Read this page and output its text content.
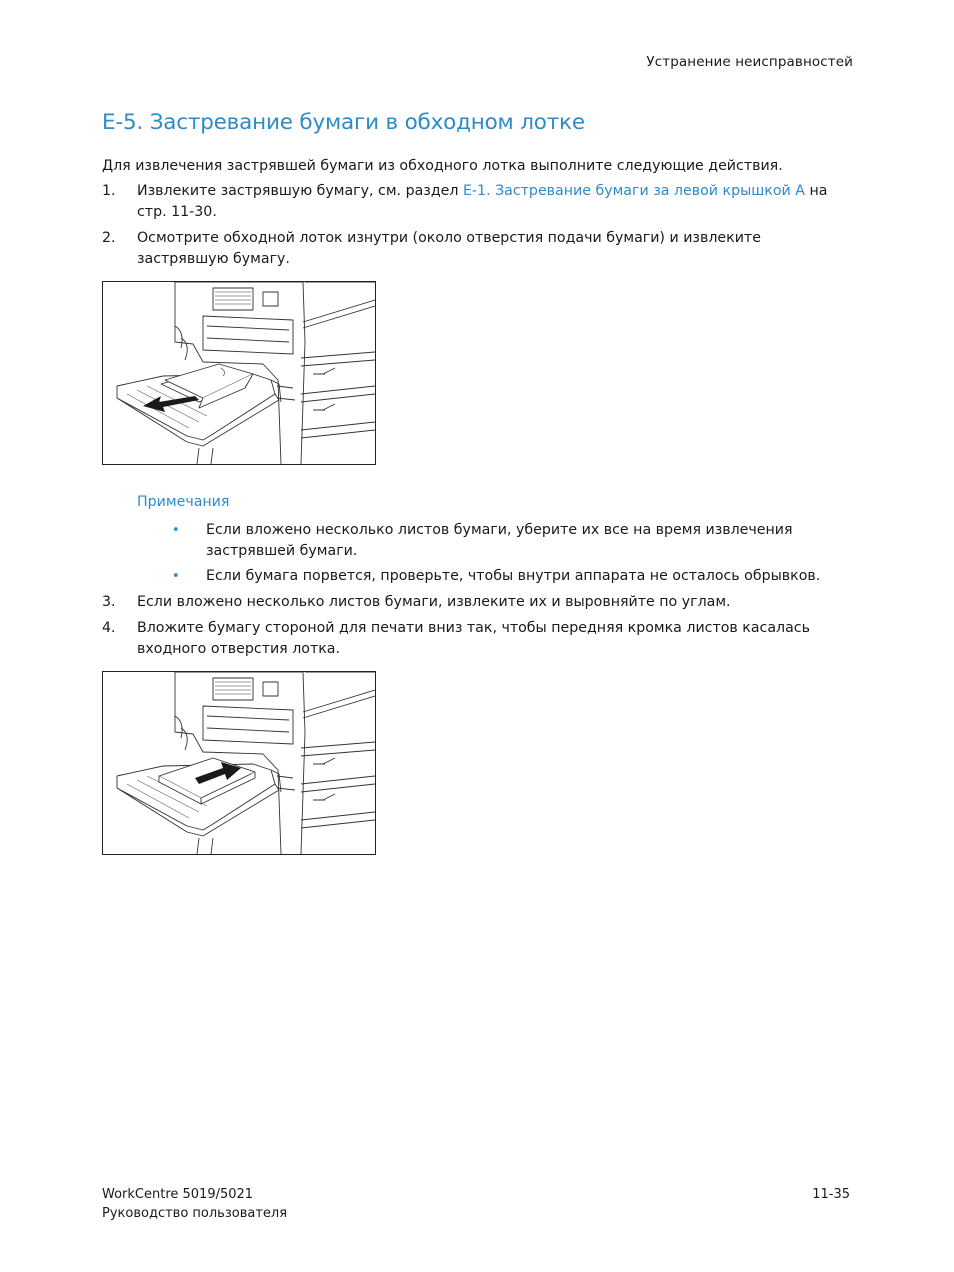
Устранение неисправностей
E-5. Застревание бумаги в обходном лотке
Для извлечения застрявшей бумаги из обходного лотка выполните следующие действия.
1. Извлеките застрявшую бумагу, см. раздел E-1. Застревание бумаги за левой крышкой A на
стр. 11-30.
2. Осмотрите обходной лоток изнутри (около отверстия подачи бумаги) и извлеките
застрявшую бумагу.
Примечания
• Если вложено несколько листов бумаги, уберите их все на время извлечения
застрявшей бумаги.
• Если бумага порвется, проверьте, чтобы внутри аппарата не осталось обрывков.
3. Если вложено несколько листов бумаги, извлеките их и выровняйте по углам.
4. Вложите бумагу стороной для печати вниз так, чтобы передняя кромка листов касалась
входного отверстия лотка.
WorkCentre 5019/5021
Руководство пользователя
11-35
